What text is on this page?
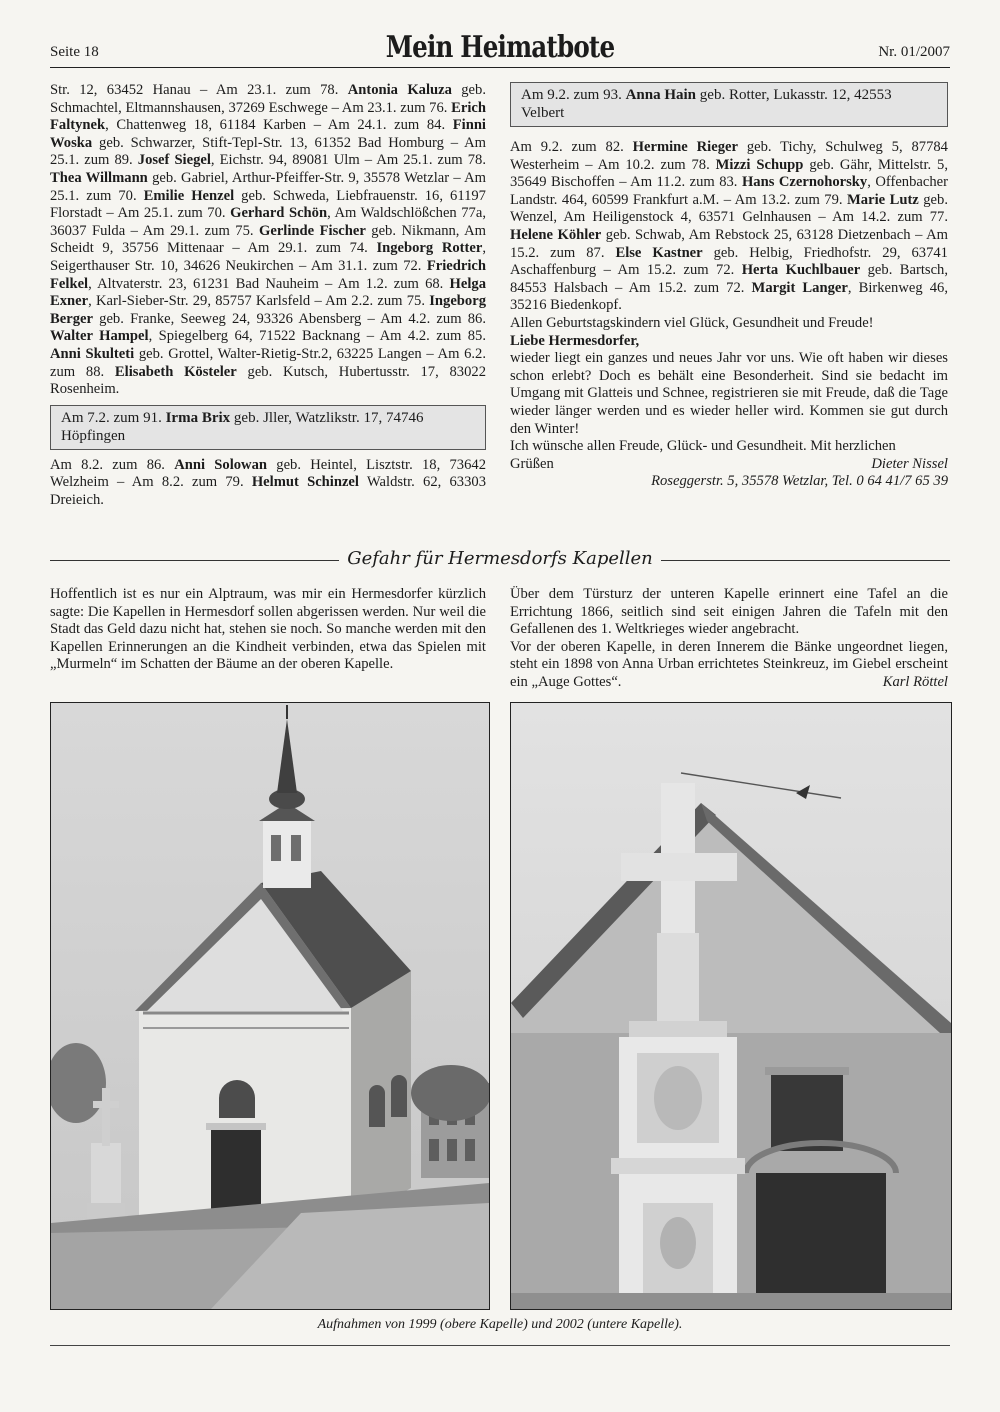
Seite 18	Mein Heimatbote	Nr. 01/2007

Str. 12, 63452 Hanau – Am 23.1. zum 78. Antonia Kaluza geb. Schmachtel, Eltmannshausen, 37269 Eschwege – Am 23.1. zum 76. Erich Faltynek, Chattenweg 18, 61184 Karben – Am 24.1. zum 84. Finni Woska geb. Schwarzer, Stift-Tepl-Str. 13, 61352 Bad Homburg – Am 25.1. zum 89. Josef Siegel, Eichstr. 94, 89081 Ulm – Am 25.1. zum 78. Thea Willmann geb. Gabriel, Arthur-Pfeiffer-Str. 9, 35578 Wetzlar – Am 25.1. zum 70. Emilie Henzel geb. Schweda, Liebfrauenstr. 16, 61197 Florstadt – Am 25.1. zum 70. Gerhard Schön, Am Waldschlößchen 77a, 36037 Fulda – Am 29.1. zum 75. Gerlinde Fischer geb. Nikmann, Am Scheidt 9, 35756 Mittenaar – Am 29.1. zum 74. Ingeborg Rotter, Seigerthauser Str. 10, 34626 Neukirchen – Am 31.1. zum 72. Friedrich Felkel, Altvaterstr. 23, 61231 Bad Nauheim – Am 1.2. zum 68. Helga Exner, Karl-Sieber-Str. 29, 85757 Karlsfeld – Am 2.2. zum 75. Ingeborg Berger geb. Franke, Seeweg 24, 93326 Abensberg – Am 4.2. zum 86. Walter Hampel, Spiegelberg 64, 71522 Backnang – Am 4.2. zum 85. Anni Skulteti geb. Grottel, Walter-Rietig-Str.2, 63225 Langen – Am 6.2. zum 88. Elisabeth Kösteler geb. Kutsch, Hubertusstr. 17, 83022 Rosenheim.

Am 7.2. zum 91. Irma Brix geb. Jller, Watzlikstr. 17, 74746 Höpfingen

Am 8.2. zum 86. Anni Solowan geb. Heintel, Lisztstr. 18, 73642 Welzheim – Am 8.2. zum 79. Helmut Schinzel Waldstr. 62, 63303 Dreieich.

Am 9.2. zum 93. Anna Hain geb. Rotter, Lukasstr. 12, 42553 Velbert

Am 9.2. zum 82. Hermine Rieger geb. Tichy, Schulweg 5, 87784 Westerheim – Am 10.2. zum 78. Mizzi Schupp geb. Gähr, Mittelstr. 5, 35649 Bischoffen – Am 11.2. zum 83. Hans Czernohorsky, Offenbacher Landstr. 464, 60599 Frankfurt a.M. – Am 13.2. zum 79. Marie Lutz geb. Wenzel, Am Heiligenstock 4, 63571 Gelnhausen – Am 14.2. zum 77. Helene Köhler geb. Schwab, Am Rebstock 25, 63128 Dietzenbach – Am 15.2. zum 87. Else Kastner geb. Helbig, Friedhofstr. 29, 63741 Aschaffenburg – Am 15.2. zum 72. Herta Kuchlbauer geb. Bartsch, 84553 Halsbach – Am 15.2. zum 72. Margit Langer, Birkenweg 46, 35216 Biedenkopf.

Allen Geburtstagskindern viel Glück, Gesundheit und Freude!

Liebe Hermesdorfer,

wieder liegt ein ganzes und neues Jahr vor uns. Wie oft haben wir dieses schon erlebt? Doch es behält eine Besonderheit. Sind sie bedacht im Umgang mit Glatteis und Schnee, registrieren sie mit Freude, daß die Tage wieder länger werden und es wieder heller wird. Kommen sie gut durch den Winter!

Ich wünsche allen Freude, Glück- und Gesundheit. Mit herzlichen

Grüßen	Dieter Nissel

Roseggerstr. 5, 35578 Wetzlar, Tel. 0 64 41/7 65 39

Gefahr für Hermesdorfs Kapellen

Hoffentlich ist es nur ein Alptraum, was mir ein Hermesdorfer kürzlich sagte: Die Kapellen in Hermesdorf sollen abgerissen werden. Nur weil die Stadt das Geld dazu nicht hat, stehen sie noch. So manche werden mit den Kapellen Erinnerungen an die Kindheit verbinden, etwa das Spielen mit „Murmeln“ im Schatten der Bäume an der oberen Kapelle.

Über dem Türsturz der unteren Kapelle erinnert eine Tafel an die Errichtung 1866, seitlich sind seit einigen Jahren die Tafeln mit den Gefallenen des 1. Weltkrieges wieder angebracht.

Vor der oberen Kapelle, in deren Innerem die Bänke ungeordnet liegen, steht ein 1898 von Anna Urban errichtetes Steinkreuz, im Giebel erscheint ein „Auge Gottes“.	Karl Röttel

Aufnahmen von 1999 (obere Kapelle) und 2002 (untere Kapelle).
